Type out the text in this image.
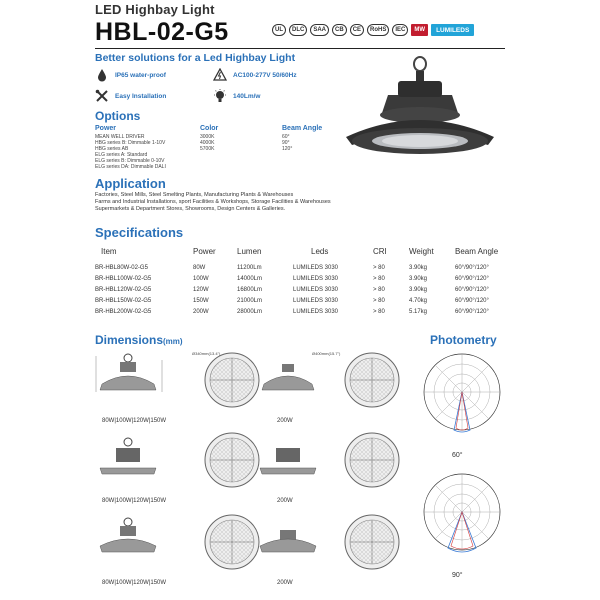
LED Highbay Light
HBL-02-G5	UL	DLC	SAA	CB	CE	RoHS	IEC	MW	LUMILEDS
Better solutions for a Led Highbay Light
IP65 water-proof	AC100-277V 50/60Hz
Easy Installation	140Lm/w
Options
Power
MEAN WELL DRIVER
HBG series B: Dimmable 1-10V
HBG series AB
ELG series A: Standard
ELG series B: Dimmable 0-10V
ELG series DA: Dimmable DALI
Color
3000K
4000K
5700K
Beam Angle
60°
90°
120°
Application
Factories, Steel Mills, Steel Smelting Plants, Manufacturing Plants & Warehouses
Farms and Industrial Installations, sport Facilities & Workshops, Storage Facilities & Warehouses
Supermarkets & Department Stores, Showrooms, Design Centers & Galleries.
Specifications
Item	Power	Lumen	Leds	CRI	Weight	Beam Angle
BR-HBL80W-02-G5	80W	11200Lm	LUMILEDS 3030	> 80	3.90kg	60°/90°/120°
BR-HBL100W-02-G5	100W	14000Lm	LUMILEDS 3030	> 80	3.90kg	60°/90°/120°
BR-HBL120W-02-G5	120W	16800Lm	LUMILEDS 3030	> 80	3.90kg	60°/90°/120°
BR-HBL150W-02-G5	150W	21000Lm	LUMILEDS 3030	> 80	4.70kg	60°/90°/120°
BR-HBL200W-02-G5	200W	28000Lm	LUMILEDS 3030	> 80	5.17kg	60°/90°/120°
Dimensions(mm)	Photometry
Ø340mm(13.4")	Ø400mm(15.7")
80W|100W|120W|150W	200W
80W|100W|120W|150W	200W
80W|100W|120W|150W	200W
60°
90°
